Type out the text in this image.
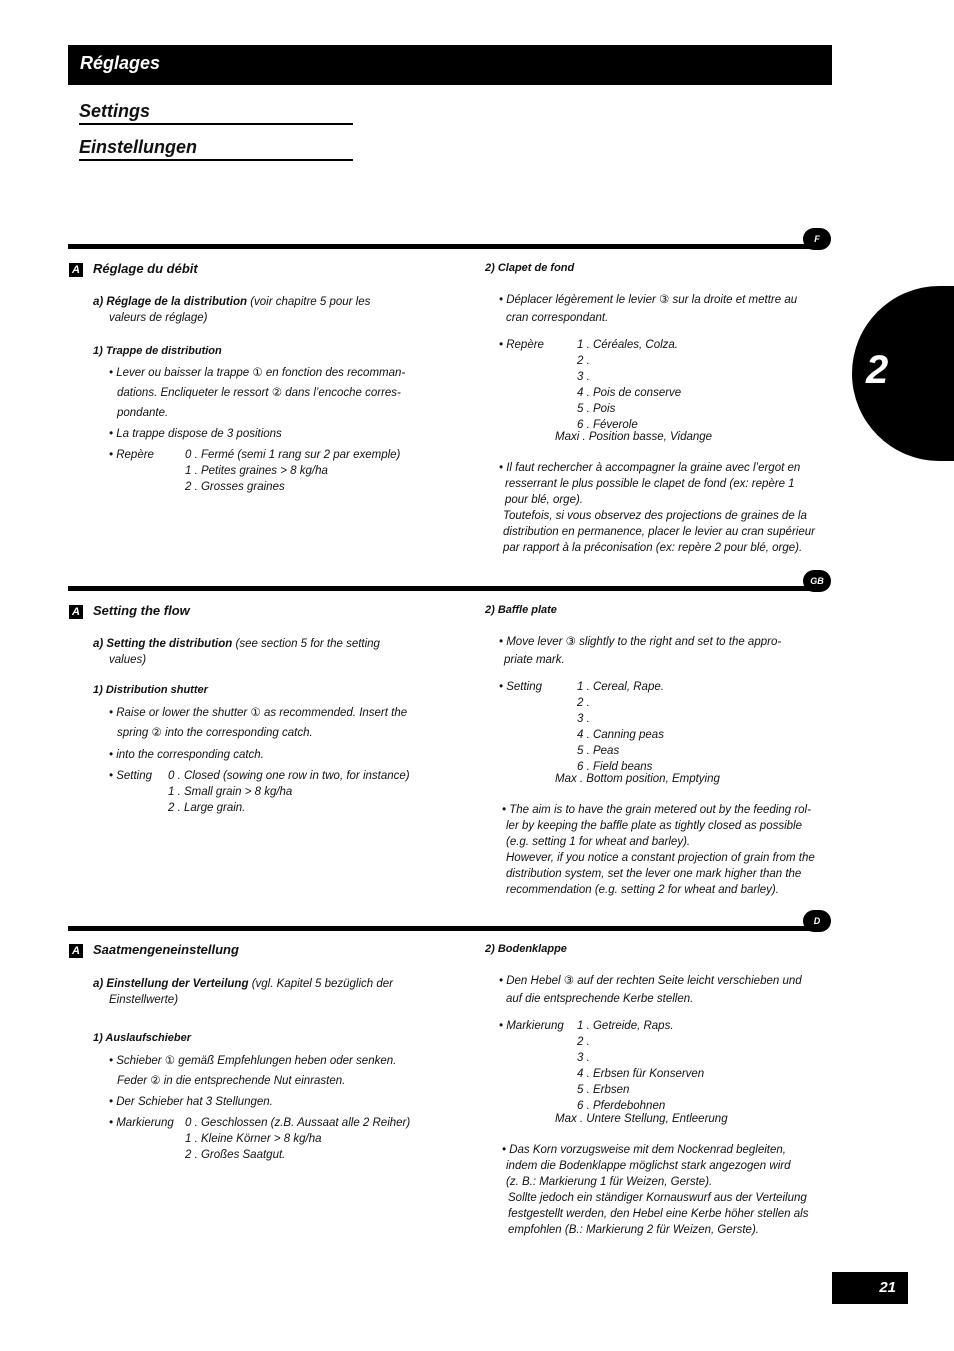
Réglages
Settings
Einstellungen
2
F
A Réglage du débit
a) Réglage de la distribution (voir chapitre 5 pour les
valeurs de réglage)
1) Trappe de distribution
• Lever ou baisser la trappe ① en fonction des recomman-
dations. Encliqueter le ressort ② dans l’encoche corres-
pondante.
• La trappe dispose de 3 positions
• Repère	0 . Fermé (semi 1 rang sur 2 par exemple)
1 . Petites graines > 8 kg/ha
2 . Grosses graines
2) Clapet de fond
• Déplacer légèrement le levier ③ sur la droite et mettre au
cran correspondant.
• Repère	1 . Céréales, Colza.
2 .
3 .
4 . Pois de conserve
5 . Pois
6 . Féverole
Maxi . Position basse, Vidange
• Il faut rechercher à accompagner la graine avec l’ergot en
resserrant le plus possible le clapet de fond (ex: repère 1
pour blé, orge).
Toutefois, si vous observez des projections de graines de la
distribution en permanence, placer le levier au cran supérieur
par rapport à la préconisation (ex: repère 2 pour blé, orge).
GB
A Setting the flow
a) Setting the distribution (see section 5 for the setting
values)
1) Distribution shutter
• Raise or lower the shutter ① as recommended. Insert the
spring ② into the corresponding catch.
• into the corresponding catch.
• Setting 0 . Closed (sowing one row in two, for instance)
1 . Small grain > 8 kg/ha
2 . Large grain.
2) Baffle plate
• Move lever ③ slightly to the right and set to the appro-
priate mark.
• Setting	1 . Cereal, Rape.
2 .
3 .
4 . Canning peas
5 . Peas
6 . Field beans
Max . Bottom position, Emptying
• The aim is to have the grain metered out by the feeding rol-
ler by keeping the baffle plate as tightly closed as possible
(e.g. setting 1 for wheat and barley).
However, if you notice a constant projection of grain from the
distribution system, set the lever one mark higher than the
recommendation (e.g. setting 2 for wheat and barley).
D
A Saatmengeneinstellung
a) Einstellung der Verteilung (vgl. Kapitel 5 bezüglich der
Einstellwerte)
1) Auslaufschieber
• Schieber ① gemäß Empfehlungen heben oder senken.
Feder ② in die entsprechende Nut einrasten.
• Der Schieber hat 3 Stellungen.
• Markierung 0 . Geschlossen (z.B. Aussaat alle 2 Reiher)
1 . Kleine Körner > 8 kg/ha
2 . Großes Saatgut.
2) Bodenklappe
• Den Hebel ③ auf der rechten Seite leicht verschieben und
auf die entsprechende Kerbe stellen.
• Markierung 1 . Getreide, Raps.
2 .
3 .
4 . Erbsen für Konserven
5 . Erbsen
6 . Pferdebohnen
Max . Untere Stellung, Entleerung
• Das Korn vorzugsweise mit dem Nockenrad begleiten,
indem die Bodenklappe möglichst stark angezogen wird
(z. B.: Markierung 1 für Weizen, Gerste).
Sollte jedoch ein ständiger Kornauswurf aus der Verteilung
festgestellt werden, den Hebel eine Kerbe höher stellen als
empfohlen (B.: Markierung 2 für Weizen, Gerste).
21
